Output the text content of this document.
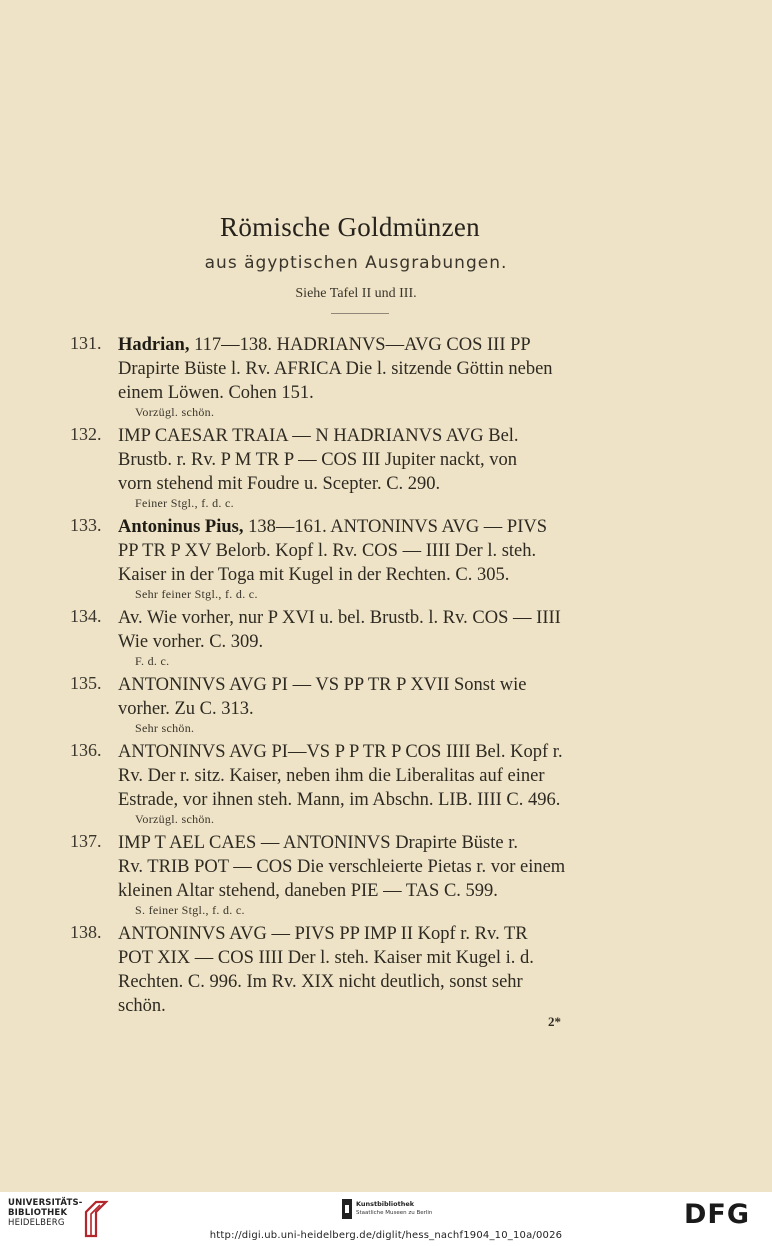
Römische Goldmünzen
aus ägyptischen Ausgrabungen.
Siehe Tafel II und III.
131. Hadrian, 117—138. HADRIANVS—AVG COS III PP
Drapirte Büste l. Rv. AFRICA Die l. sitzende Göttin neben
einem Löwen. Cohen 151.
Vorzügl. schön.
132. IMP CAESAR TRAIA — N HADRIANVS AVG Bel.
Brustb. r. Rv. P M TR P — COS III Jupiter nackt, von
vorn stehend mit Foudre u. Scepter. C. 290.
Feiner Stgl., f. d. c.
133. Antoninus Pius, 138—161. ANTONINVS AVG — PIVS
PP TR P XV Belorb. Kopf l. Rv. COS — IIII Der l. steh.
Kaiser in der Toga mit Kugel in der Rechten. C. 305.
Sehr feiner Stgl., f. d. c.
134. Av. Wie vorher, nur P XVI u. bel. Brustb. l. Rv. COS — IIII
Wie vorher. C. 309.
F. d. c.
135. ANTONINVS AVG PI — VS PP TR P XVII Sonst wie
vorher. Zu C. 313.
Sehr schön.
136. ANTONINVS AVG PI—VS P P TR P COS IIII Bel. Kopf r.
Rv. Der r. sitz. Kaiser, neben ihm die Liberalitas auf einer
Estrade, vor ihnen steh. Mann, im Abschn. LIB. IIII C. 496.
Vorzügl. schön.
137. IMP T AEL CAES — ANTONINVS Drapirte Büste r.
Rv. TRIB POT — COS Die verschleierte Pietas r. vor einem
kleinen Altar stehend, daneben PIE — TAS C. 599.
S. feiner Stgl., f. d. c.
138. ANTONINVS AVG — PIVS PP IMP II Kopf r. Rv. TR
POT XIX — COS IIII Der l. steh. Kaiser mit Kugel i. d.
Rechten. C. 996. Im Rv. XIX nicht deutlich, sonst sehr
schön.
2*
UNIVERSITÄTS-
BIBLIOTHEK
HEIDELBERG
Kunstbibliothek
Staatliche Museen zu Berlin
http://digi.ub.uni-heidelberg.de/diglit/hess_nachf1904_10_10a/0026
DFG
